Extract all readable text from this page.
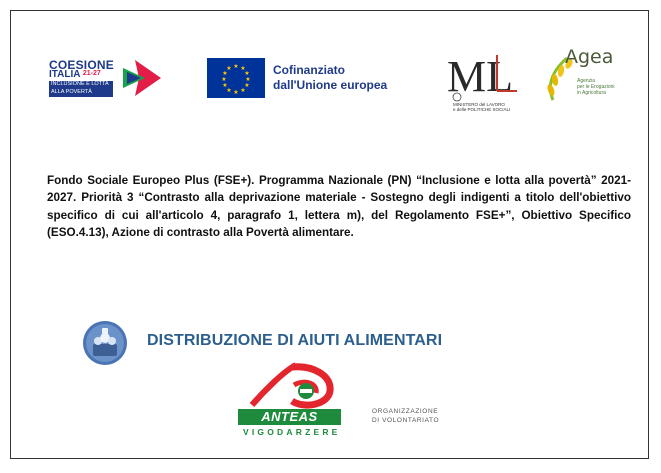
COESIONE
ITALIA $^{21-27}$
INCLUSIONE E LOTTA
ALLA POVERTÀ
★ ★
★
★
★
★
★
★
★
★
★
★	Cofinanziato
dall'Unione europea	ML
MINISTERO del LAVORO
e delle POLITICHE SOCIALI
Agea
Agenzia
per le Erogazioni
in Agricoltura

Fondo Sociale Europeo Plus (FSE+). Programma Nazionale (PN) “Inclusione e lotta alla povertà” 2021-2027. Priorità 3 “Contrasto alla deprivazione materiale - Sostegno degli indigenti a titolo dell'obiettivo specifico di cui all'articolo 4, paragrafo 1, lettera m), del Regolamento FSE+”, Obiettivo Specifico (ESO.4.13), Azione di contrasto alla Povertà alimentare.

DISTRIBUZIONE DI AIUTI ALIMENTARI
ANTEAS
VIGODARZERE
ORGANIZZAZIONE
DI VOLONTARIATO
